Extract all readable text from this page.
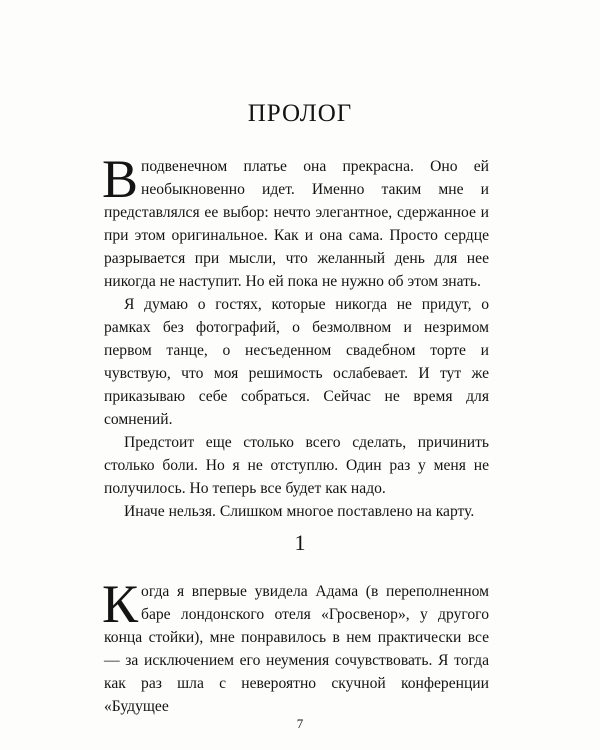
ПРОЛОГ

Вподвенечном платье она прекрасна. Оно ей необыкновенно идет. Именно таким мне и представлялся ее выбор: нечто элегантное, сдержанное и при этом оригинальное. Как и она сама. Просто сердце разрывается при мысли, что желанный день для нее никогда не наступит. Но ей пока не нужно об этом знать.

Я думаю о гостях, которые никогда не придут, о рамках без фотографий, о безмолвном и незримом первом танце, о несъеденном свадебном торте и чувствую, что моя решимость ослабевает. И тут же приказываю себе собраться. Сейчас не время для сомнений.

Предстоит еще столько всего сделать, причинить столько боли. Но я не отступлю. Один раз у меня не получилось. Но теперь все будет как надо.

Иначе нельзя. Слишком многое поставлено на карту.

1

Когда я впервые увидела Адама (в переполненном баре лондонского отеля «Гросвенор», у другого конца стойки), мне понравилось в нем практически все — за исключением его неумения сочувствовать. Я тогда как раз шла с невероятно скучной конференции «Будущее

7
